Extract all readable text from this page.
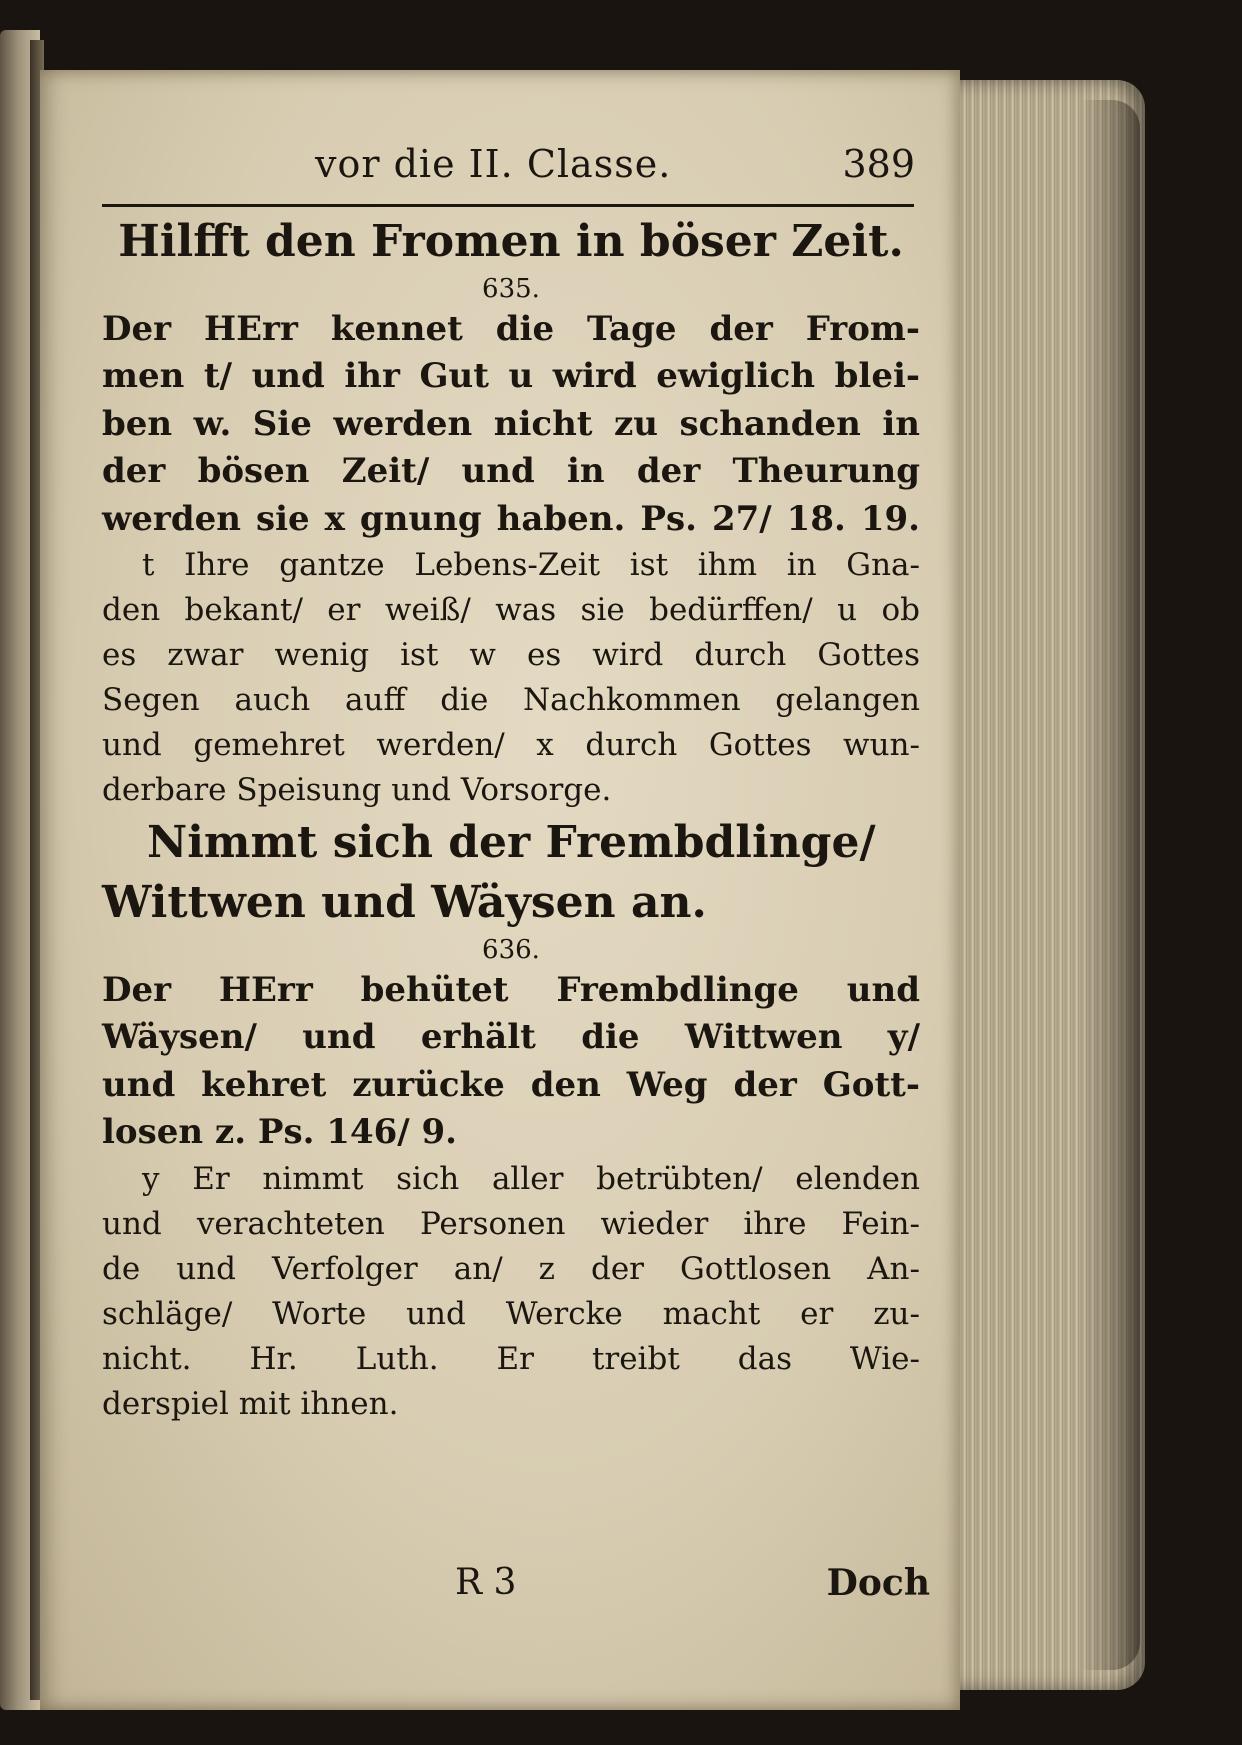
vor die II. Classe.	389

Hilfft den Fromen in böser Zeit.

635.

Der HErr kennet die Tage der From-
men t/ und ihr Gut u wird ewiglich blei-
ben w. Sie werden nicht zu schanden in
der bösen Zeit/ und in der Theurung
werden sie x gnung haben. Ps. 27/ 18. 19.
t Ihre gantze Lebens-Zeit ist ihm in Gna-
den bekant/ er weiß/ was sie bedürffen/ u ob
es zwar wenig ist w es wird durch Gottes
Segen auch auff die Nachkommen gelangen
und gemehret werden/ x durch Gottes wun-
derbare Speisung und Vorsorge.

Nimmt sich der Frembdlinge/

Wittwen und Wäysen an.

636.

Der HErr behütet Frembdlinge und
Wäysen/ und erhält die Wittwen y/
und kehret zurücke den Weg der Gott-
losen z. Ps. 146/ 9.
y Er nimmt sich aller betrübten/ elenden
und verachteten Personen wieder ihre Fein-
de und Verfolger an/ z der Gottlosen An-
schläge/ Worte und Wercke macht er zu-
nicht. Hr. Luth. Er treibt das Wie-
derspiel mit ihnen.
R 3	Doch
